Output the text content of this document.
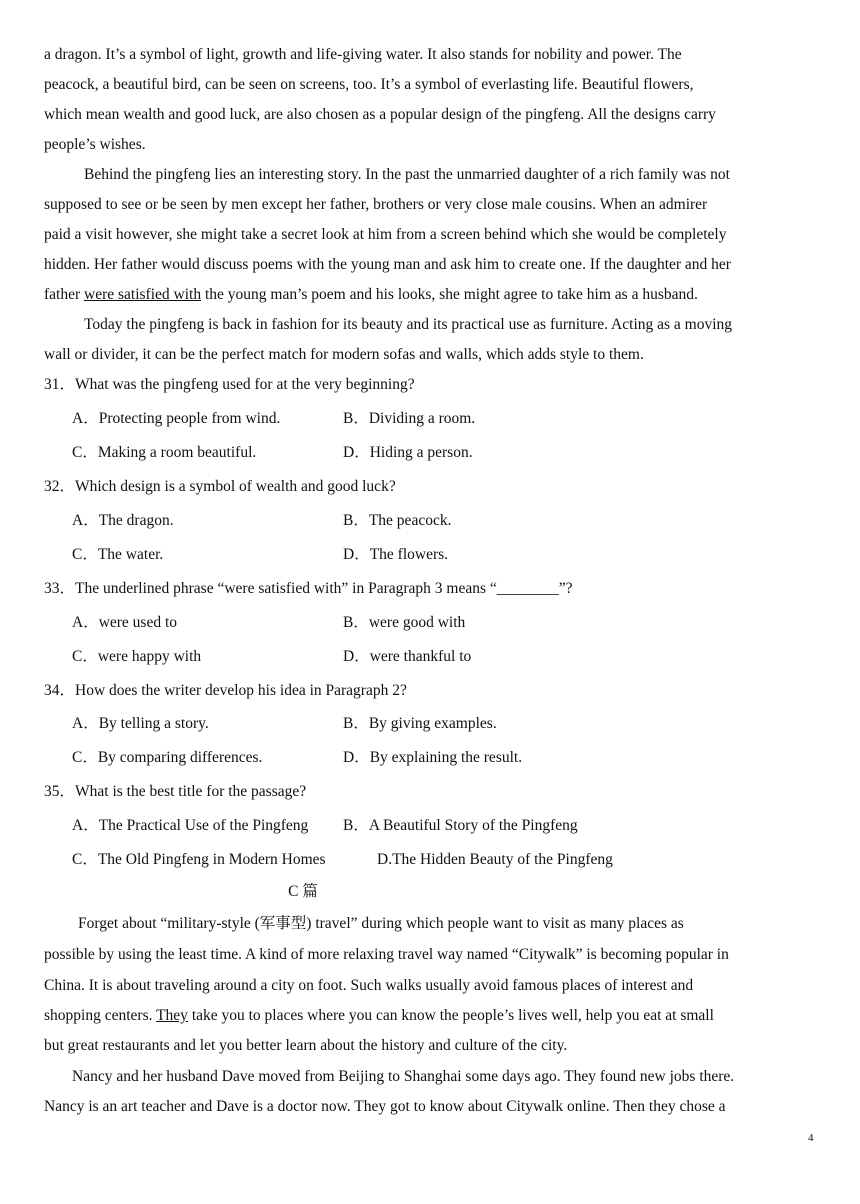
a dragon. It’s a symbol of light, growth and life-giving water. It also stands for nobility and power. The
peacock, a beautiful bird, can be seen on screens, too. It’s a symbol of everlasting life. Beautiful flowers,
which mean wealth and good luck, are also chosen as a popular design of the pingfeng. All the designs carry
people’s wishes.
Behind the pingfeng lies an interesting story. In the past the unmarried daughter of a rich family was not
supposed to see or be seen by men except her father, brothers or very close male cousins. When an admirer
paid a visit however, she might take a secret look at him from a screen behind which she would be completely
hidden. Her father would discuss poems with the young man and ask him to create one. If the daughter and her
father were satisfied with the young man’s poem and his looks, she might agree to take him as a husband.
Today the pingfeng is back in fashion for its beauty and its practical use as furniture. Acting as a moving
wall or divider, it can be the perfect match for modern sofas and walls, which adds style to them.
31．What was the pingfeng used for at the very beginning?
A．Protecting people from wind.	B．Dividing a room.
C．Making a room beautiful.	D．Hiding a person.
32．Which design is a symbol of wealth and good luck?
A．The dragon.	B．The peacock.
C．The water.	D．The flowers.
33．The underlined phrase “were satisfied with” in Paragraph 3 means “________”?
A．were used to	B．were good with
C．were happy with	D．were thankful to
34．How does the writer develop his idea in Paragraph 2?
A．By telling a story.	B．By giving examples.
C．By comparing differences.	D．By explaining the result.
35．What is the best title for the passage?
A．The Practical Use of the Pingfeng B．A Beautiful Story of the Pingfeng
C．The Old Pingfeng in Modern Homes	D.The Hidden Beauty of the Pingfeng
C 篇
Forget about “military-style (军事型) travel” during which people want to visit as many places as
possible by using the least time. A kind of more relaxing travel way named “Citywalk” is becoming popular in
China. It is about traveling around a city on foot. Such walks usually avoid famous places of interest and
shopping centers. They take you to places where you can know the people’s lives well, help you eat at small
but great restaurants and let you better learn about the history and culture of the city.
Nancy and her husband Dave moved from Beijing to Shanghai some days ago. They found new jobs there.
Nancy is an art teacher and Dave is a doctor now. They got to know about Citywalk online. Then they chose a
4
